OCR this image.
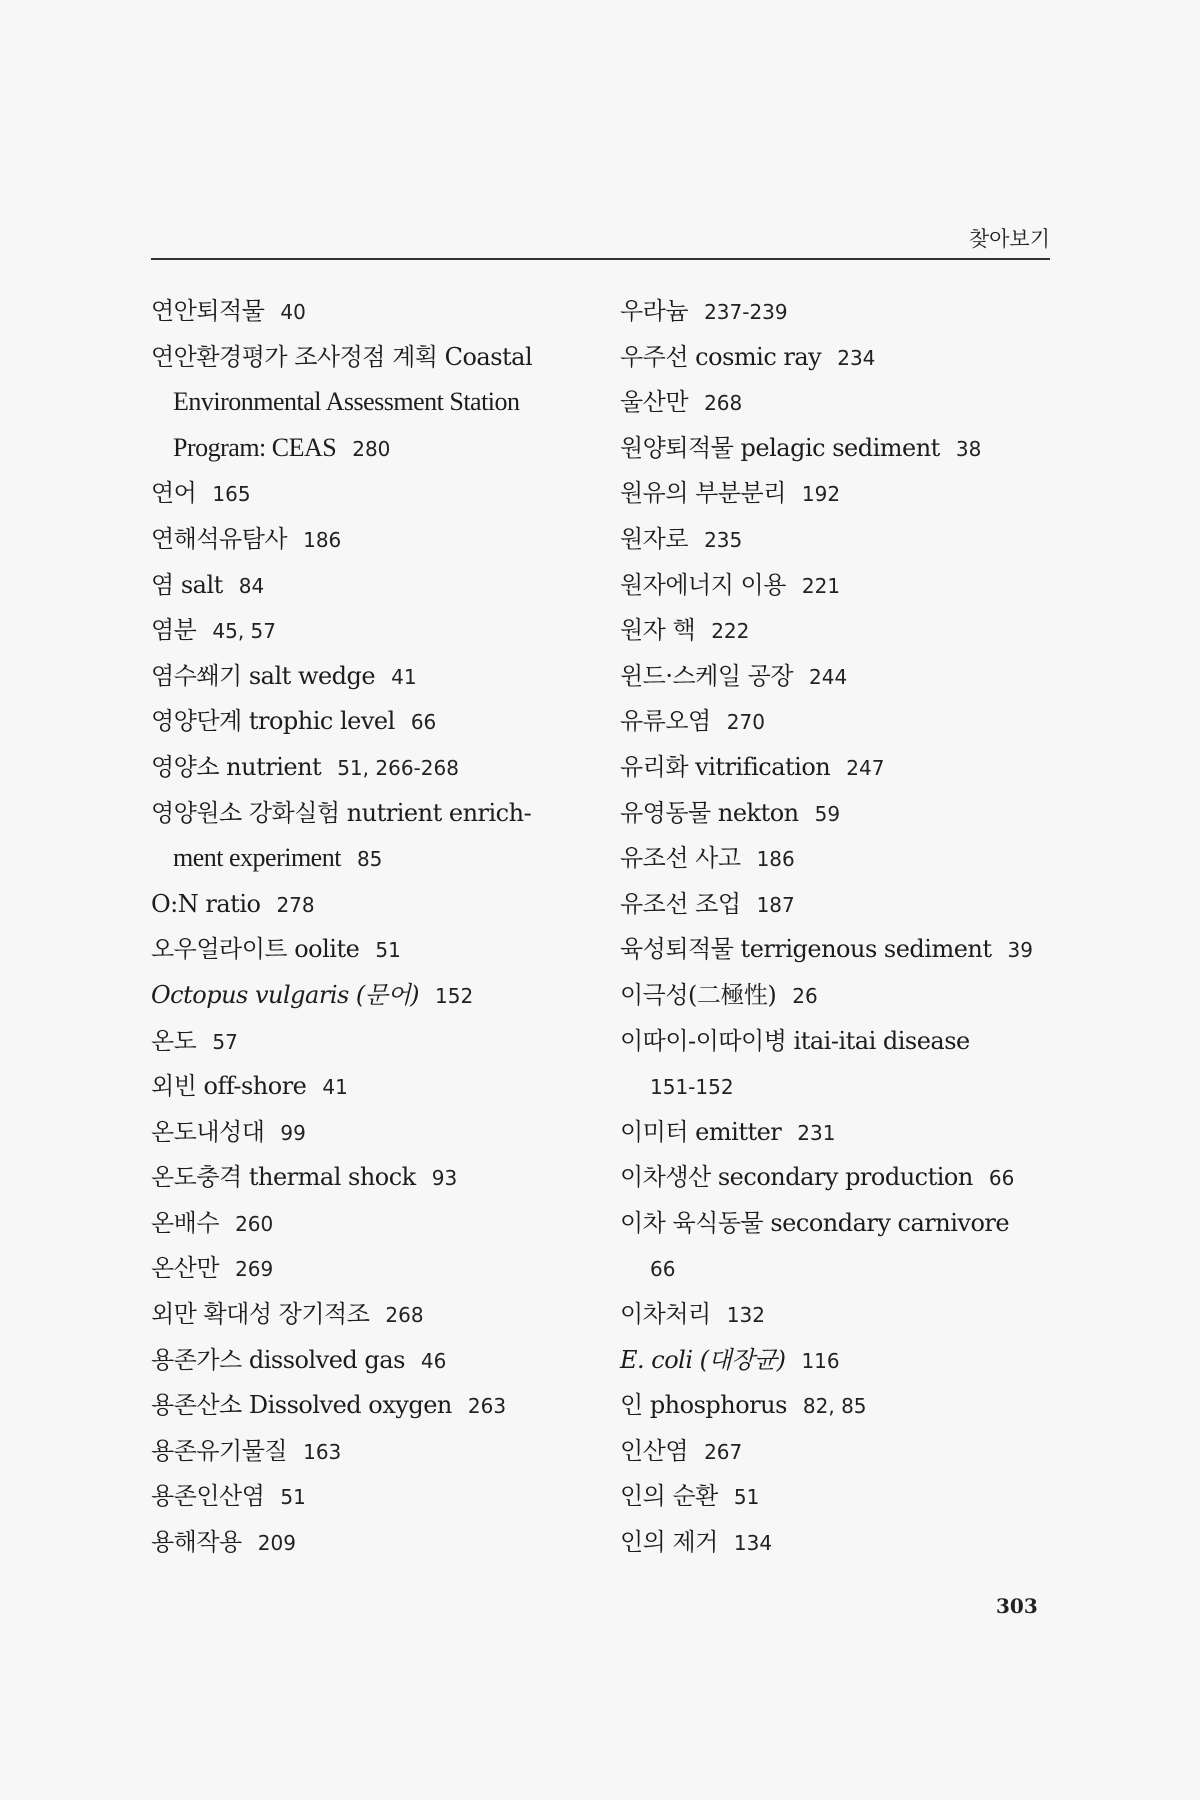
찾아보기
연안퇴적물 40
연안환경평가 조사정점 계획 Coastal
Environmental Assessment Station
Program: CEAS 280
연어 165
연해석유탐사 186
염 salt 84
염분 45, 57
염수쐐기 salt wedge 41
영양단계 trophic level 66
영양소 nutrient 51, 266-268
영양원소 강화실험 nutrient enrich-
ment experiment 85
O:N ratio 278
오우얼라이트 oolite 51
Octopus vulgaris (문어) 152
온도 57
외빈 off-shore 41
온도내성대 99
온도충격 thermal shock 93
온배수 260
온산만 269
외만 확대성 장기적조 268
용존가스 dissolved gas 46
용존산소 Dissolved oxygen 263
용존유기물질 163
용존인산염 51
용해작용 209
우라늄 237-239
우주선 cosmic ray 234
울산만 268
원양퇴적물 pelagic sediment 38
원유의 부분분리 192
원자로 235
원자에너지 이용 221
원자 핵 222
윈드·스케일 공장 244
유류오염 270
유리화 vitrification 247
유영동물 nekton 59
유조선 사고 186
유조선 조업 187
육성퇴적물 terrigenous sediment 39
이극성(二極性) 26
이따이-이따이병 itai-itai disease
151-152
이미터 emitter 231
이차생산 secondary production 66
이차 육식동물 secondary carnivore
66
이차처리 132
E. coli (대장균) 116
인 phosphorus 82, 85
인산염 267
인의 순환 51
인의 제거 134
303
